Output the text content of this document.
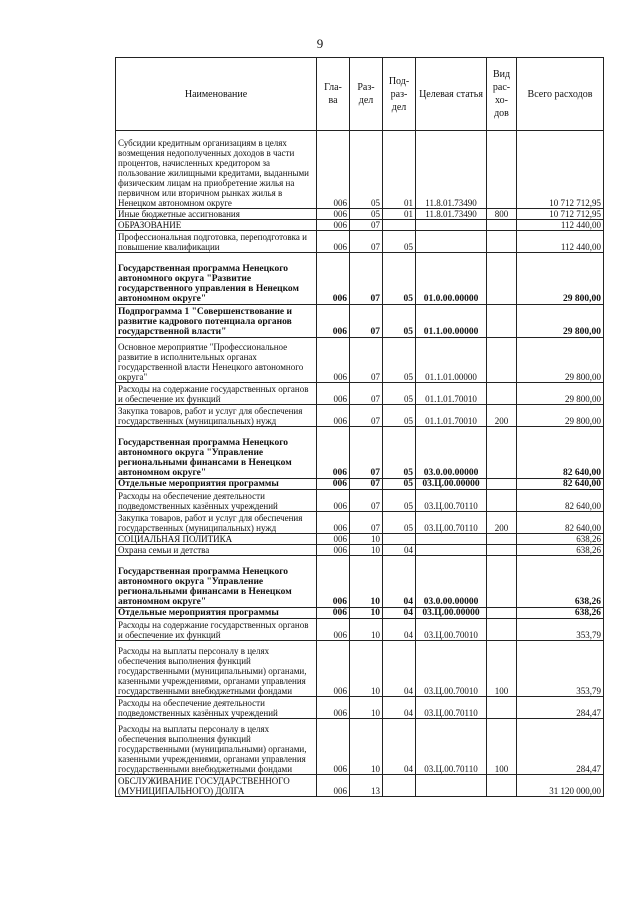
9
Наименование	Гла- ва	Раз- дел	Под- раз- дел	Целевая статья	Вид рас- хо- дов	Всего расходов
Субсидии кредитным организациям в целях возмещения недополученных доходов в части процентов, начисленных кредитором за пользование жилищными кредитами, выданными физическим лицам на приобретение жилья на первичном или вторичном рынках жилья в Ненецком автономном округе	006	05	01	11.8.01.73490		10 712 712,95
Иные бюджетные ассигнования	006	05	01	11.8.01.73490	800	10 712 712,95
ОБРАЗОВАНИЕ	006	07				112 440,00
Профессиональная подготовка, переподготовка и повышение квалификации	006	07	05			112 440,00
Государственная программа Ненецкого автономного округа "Развитие государственного управления в Ненецком автономном округе"	006	07	05	01.0.00.00000		29 800,00
Подпрограмма 1 "Совершенствование и развитие кадрового потенциала органов государственной власти"	006	07	05	01.1.00.00000		29 800,00
Основное мероприятие "Профессиональное развитие в исполнительных органах государственной власти Ненецкого автономного округа"	006	07	05	01.1.01.00000		29 800,00
Расходы на содержание государственных органов и обеспечение их функций	006	07	05	01.1.01.70010		29 800,00
Закупка товаров, работ и услуг для обеспечения государственных (муниципальных) нужд	006	07	05	01.1.01.70010	200	29 800,00
Государственная программа Ненецкого автономного округа "Управление региональными финансами в Ненецком автономном округе"	006	07	05	03.0.00.00000		82 640,00
Отдельные мероприятия программы	006	07	05	03.Ц.00.00000		82 640,00
Расходы на обеспечение деятельности подведомственных казённых учреждений	006	07	05	03.Ц.00.70110		82 640,00
Закупка товаров, работ и услуг для обеспечения государственных (муниципальных) нужд	006	07	05	03.Ц.00.70110	200	82 640,00
СОЦИАЛЬНАЯ ПОЛИТИКА	006	10				638,26
Охрана семьи и детства	006	10	04			638,26
Государственная программа Ненецкого автономного округа "Управление региональными финансами в Ненецком автономном округе"	006	10	04	03.0.00.00000		638,26
Отдельные мероприятия программы	006	10	04	03.Ц.00.00000		638,26
Расходы на содержание государственных органов и обеспечение их функций	006	10	04	03.Ц.00.70010		353,79
Расходы на выплаты персоналу в целях обеспечения выполнения функций государственными (муниципальными) органами, казенными учреждениями, органами управления государственными внебюджетными фондами	006	10	04	03.Ц.00.70010	100	353,79
Расходы на обеспечение деятельности подведомственных казённых учреждений	006	10	04	03.Ц.00.70110		284,47
Расходы на выплаты персоналу в целях обеспечения выполнения функций государственными (муниципальными) органами, казенными учреждениями, органами управления государственными внебюджетными фондами	006	10	04	03.Ц.00.70110	100	284,47
ОБСЛУЖИВАНИЕ ГОСУДАРСТВЕННОГО (МУНИЦИПАЛЬНОГО) ДОЛГА	006	13				31 120 000,00
